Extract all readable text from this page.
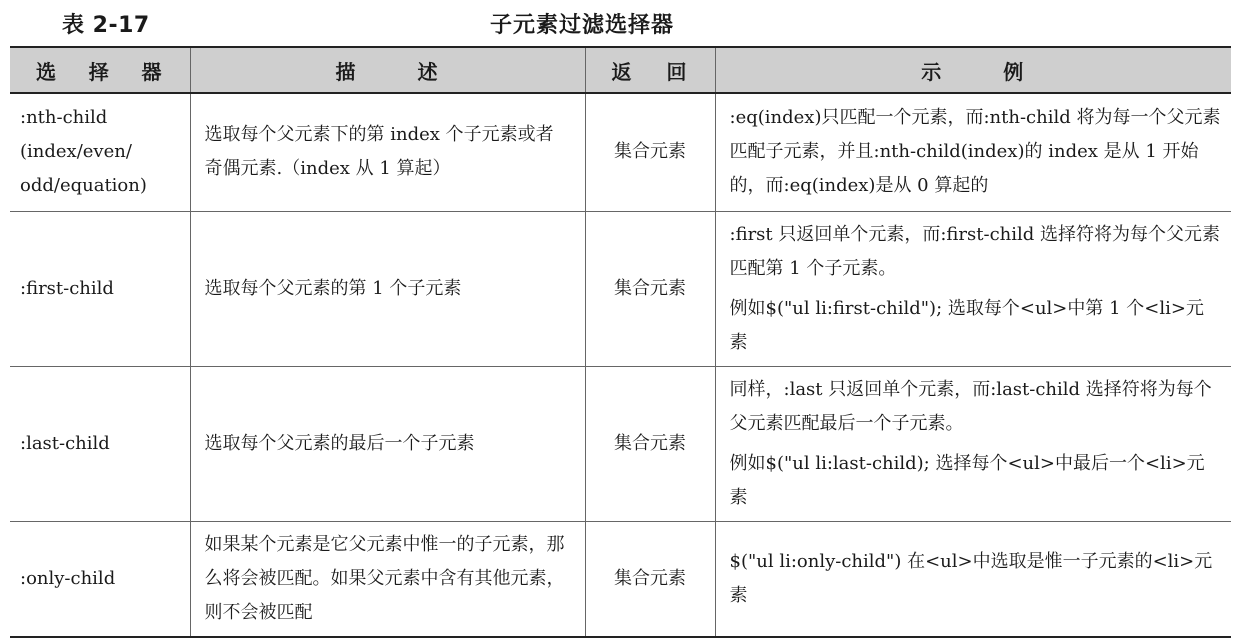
表 2-17	子元素过滤选择器
选 择 器	描 述	返 回	示 例

:nth-child
(index/even/
odd/equation)	选取每个父元素下的第 index 个子元素或者奇偶元素.（index 从 1 算起）	集合元素	:eq(index)只匹配一个元素，而:nth-child 将为每一个父元素匹配子元素，并且:nth-child(index)的 index 是从 1 开始的，而:eq(index)是从 0 算起的

:first-child	选取每个父元素的第 1 个子元素	集合元素	:first 只返回单个元素，而:first-child 选择符将为每个父元素匹配第 1 个子元素。

例如$("ul li:first-child"); 选取每个<ul>中第 1 个<li>元素

:last-child	选取每个父元素的最后一个子元素	集合元素	同样，:last 只返回单个元素，而:last-child 选择符将为每个父元素匹配最后一个子元素。

例如$("ul li:last-child); 选择每个<ul>中最后一个<li>元素

:only-child	如果某个元素是它父元素中惟一的子元素，那么将会被匹配。如果父元素中含有其他元素，则不会被匹配	集合元素	$("ul li:only-child") 在<ul>中选取是惟一子元素的<li>元素
